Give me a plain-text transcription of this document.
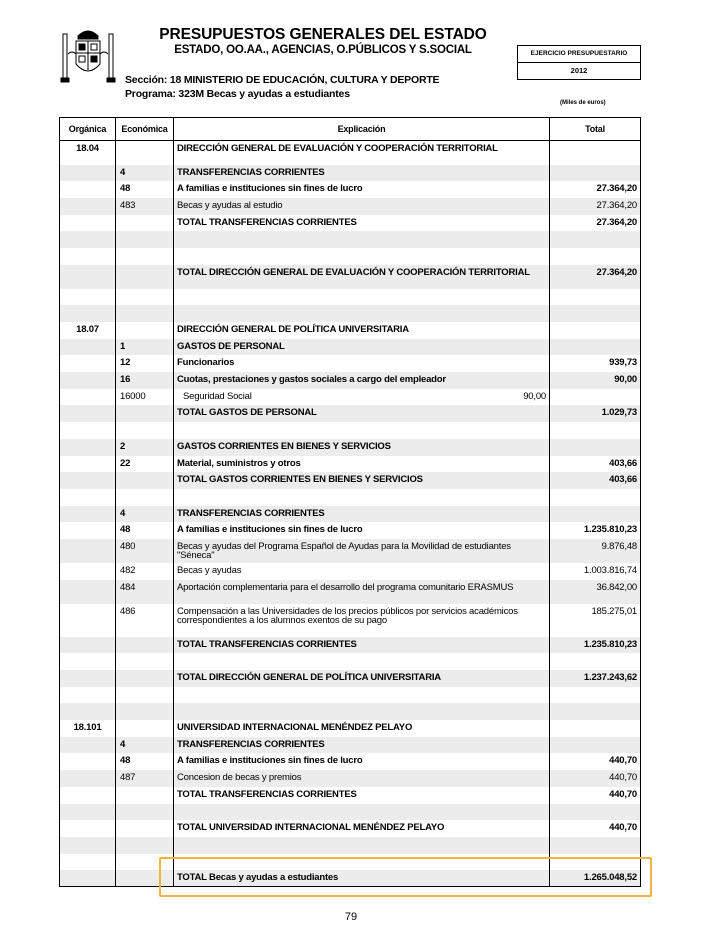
PRESUPUESTOS GENERALES DEL ESTADO
ESTADO, OO.AA., AGENCIAS, O.PÚBLICOS Y S.SOCIAL
Sección: 18 MINISTERIO DE EDUCACIÓN, CULTURA Y DEPORTE
Programa: 323M Becas y ayudas a estudiantes
EJERCICIO PRESUPUESTARIO
2012
(Miles de euros)
Orgánica	Económica	Explicación	Total
18.04		DIRECCIÓN GENERAL DE EVALUACIÓN Y COOPERACIÓN TERRITORIAL	
	4	TRANSFERENCIAS CORRIENTES	
	48	A familias e instituciones sin fines de lucro	27.364,20
	483	Becas y ayudas al estudio	27.364,20
		TOTAL TRANSFERENCIAS CORRIENTES	27.364,20

		TOTAL DIRECCIÓN GENERAL DE EVALUACIÓN Y COOPERACIÓN TERRITORIAL	27.364,20

18.07		DIRECCIÓN GENERAL DE POLÍTICA UNIVERSITARIA	
	1	GASTOS DE PERSONAL	
	12	Funcionarios	939,73
	16	Cuotas, prestaciones y gastos sociales a cargo del empleador	90,00
	16000	Seguridad Social 90,00	

		TOTAL GASTOS DE PERSONAL	1.029,73

	2	GASTOS CORRIENTES EN BIENES Y SERVICIOS	
	22	Material, suministros y otros	403,66
		TOTAL GASTOS CORRIENTES EN BIENES Y SERVICIOS	403,66

	4	TRANSFERENCIAS CORRIENTES	
	48	A familias e instituciones sin fines de lucro	1.235.810,23
	480	Becas y ayudas del Programa Español de Ayudas para la Movilidad de estudiantes "Séneca"	9.876,48
	482	Becas y ayudas	1.003.816,74
	484	Aportación complementaria para el desarrollo del programa comunitario ERASMUS	36.842,00
	486	Compensación a las Universidades de los precios públicos por servicios académicos correspondientes a los alumnos exentos de su pago	185.275,01
		TOTAL TRANSFERENCIAS CORRIENTES	1.235.810,23

		TOTAL DIRECCIÓN GENERAL DE POLÍTICA UNIVERSITARIA	1.237.243,62

18.101		UNIVERSIDAD INTERNACIONAL MENÉNDEZ PELAYO	
	4	TRANSFERENCIAS CORRIENTES	
	48	A familias e instituciones sin fines de lucro	440,70
	487	Concesion de becas y premios	440,70
		TOTAL TRANSFERENCIAS CORRIENTES	440,70

		TOTAL UNIVERSIDAD INTERNACIONAL MENÉNDEZ PELAYO	440,70

		TOTAL Becas y ayudas a estudiantes	1.265.048,52
79
